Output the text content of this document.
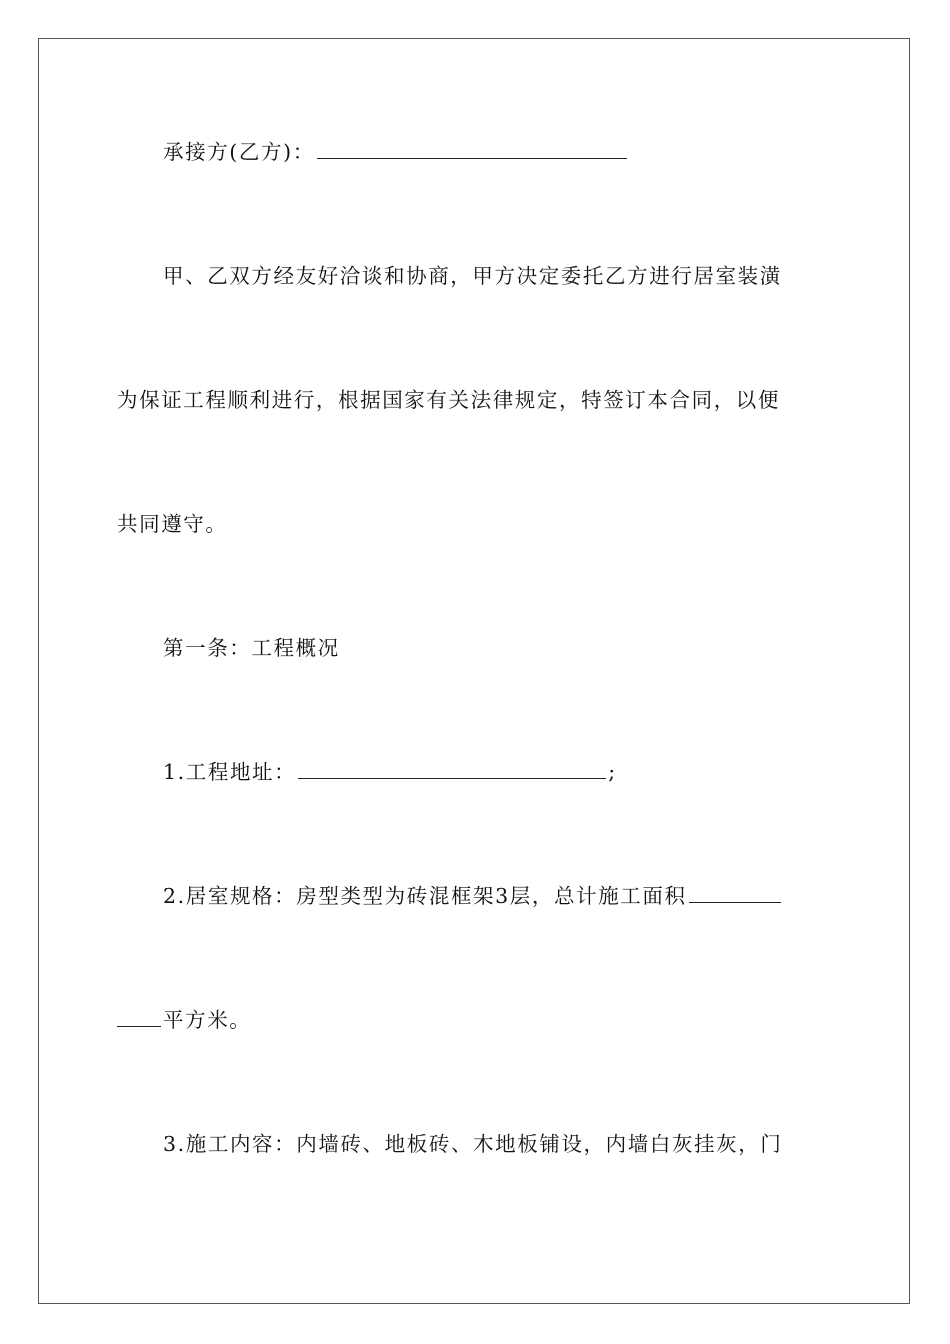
承接方(乙方)：
甲、乙双方经友好洽谈和协商，甲方决定委托乙方进行居室装潢
为保证工程顺利进行，根据国家有关法律规定，特签订本合同，以便
共同遵守。
第一条：工程概况
1.工程地址：	;
2.居室规格：房型类型为砖混框架3层，总计施工面积
平方米。
3.施工内容：内墙砖、地板砖、木地板铺设，内墙白灰挂灰，门
